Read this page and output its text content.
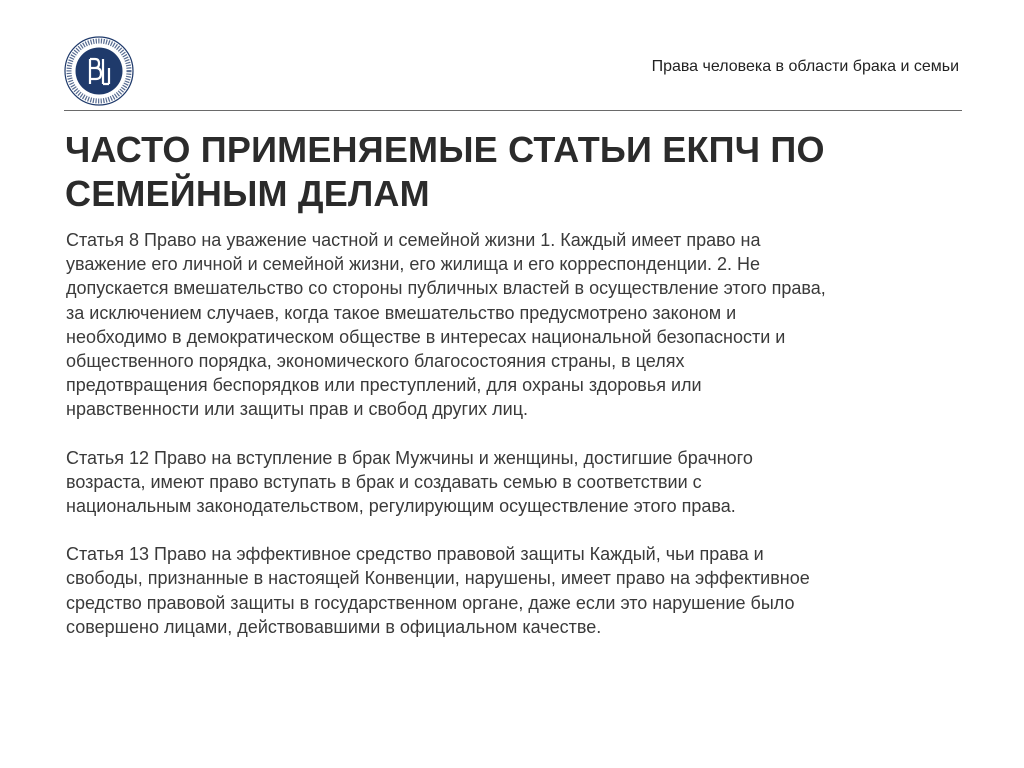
Права человека в области брака и семьи
ЧАСТО ПРИМЕНЯЕМЫЕ СТАТЬИ ЕКПЧ ПО
СЕМЕЙНЫМ ДЕЛАМ

Статья 8 Право на уважение частной и семейной жизни 1. Каждый имеет право на
уважение его личной и семейной жизни, его жилища и его корреспонденции. 2. Не
допускается вмешательство со стороны публичных властей в осуществление этого права,
за исключением случаев, когда такое вмешательство предусмотрено законом и
необходимо в демократическом обществе в интересах национальной безопасности и
общественного порядка, экономического благосостояния страны, в целях
предотвращения беспорядков или преступлений, для охраны здоровья или
нравственности или защиты прав и свобод других лиц.

Статья 12 Право на вступление в брак Мужчины и женщины, достигшие брачного
возраста, имеют право вступать в брак и создавать семью в соответствии с
национальным законодательством, регулирующим осуществление этого права.

Статья 13 Право на эффективное средство правовой защиты Каждый, чьи права и
свободы, признанные в настоящей Конвенции, нарушены, имеет право на эффективное
средство правовой защиты в государственном органе, даже если это нарушение было
совершено лицами, действовавшими в официальном качестве.
